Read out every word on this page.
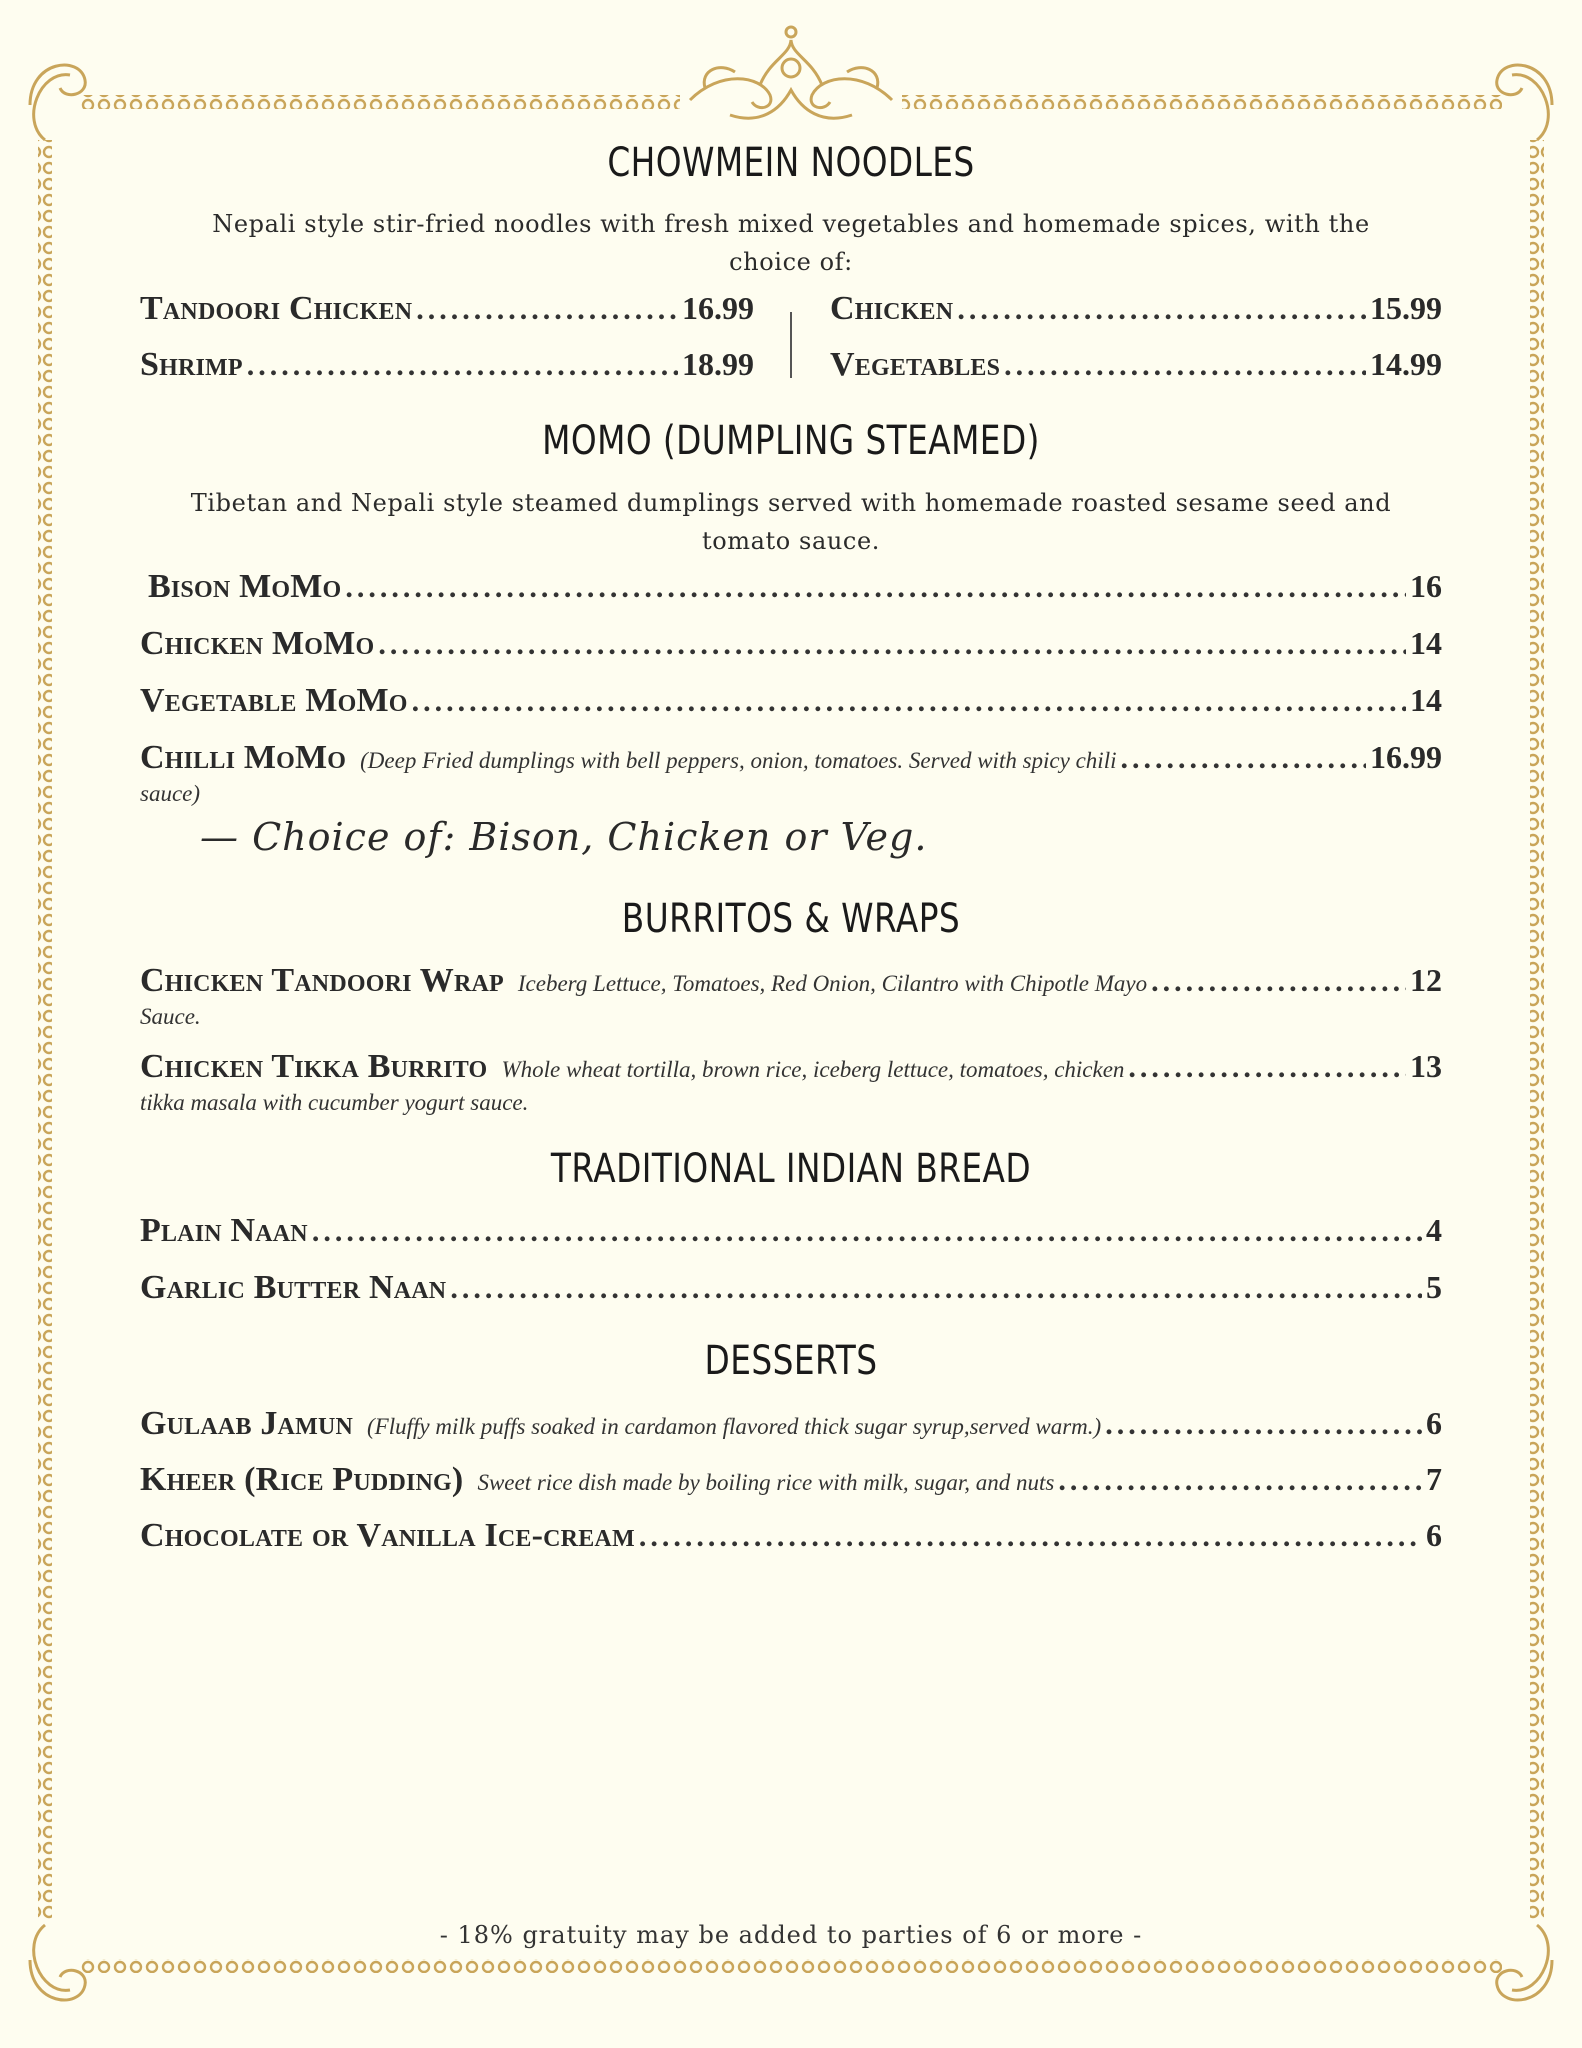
CHOWMEIN NOODLES
Nepali style stir-fried noodles with fresh mixed vegetables and homemade spices, with the
choice of:
Tandoori Chicken .....	16.99
Shrimp .....	18.99
Chicken .....	15.99
Vegetables .....	14.99
MOMO (DUMPLING STEAMED)
Tibetan and Nepali style steamed dumplings served with homemade roasted sesame seed and
tomato sauce.
Bison MoMo .....	16
Chicken MoMo .....	14
Vegetable MoMo .....	14
Chilli MoMo (Deep Fried dumplings with bell peppers, onion, tomatoes. Served with spicy chili .....	16.99
sauce)
— Choice of: Bison, Chicken or Veg.
BURRITOS & WRAPS
Chicken Tandoori Wrap Iceberg Lettuce, Tomatoes, Red Onion, Cilantro with Chipotle Mayo .....	12
Sauce.
Chicken Tikka Burrito Whole wheat tortilla, brown rice, iceberg lettuce, tomatoes, chicken .....	13
tikka masala with cucumber yogurt sauce.
TRADITIONAL INDIAN BREAD
Plain Naan .....	4
Garlic Butter Naan .....	5
DESSERTS
Gulaab Jamun (Fluffy milk puffs soaked in cardamon flavored thick sugar syrup,served warm.) .....	6
Kheer (Rice Pudding) Sweet rice dish made by boiling rice with milk, sugar, and nuts .....	7
Chocolate or Vanilla Ice-cream .....	6
- 18% gratuity may be added to parties of 6 or more -
